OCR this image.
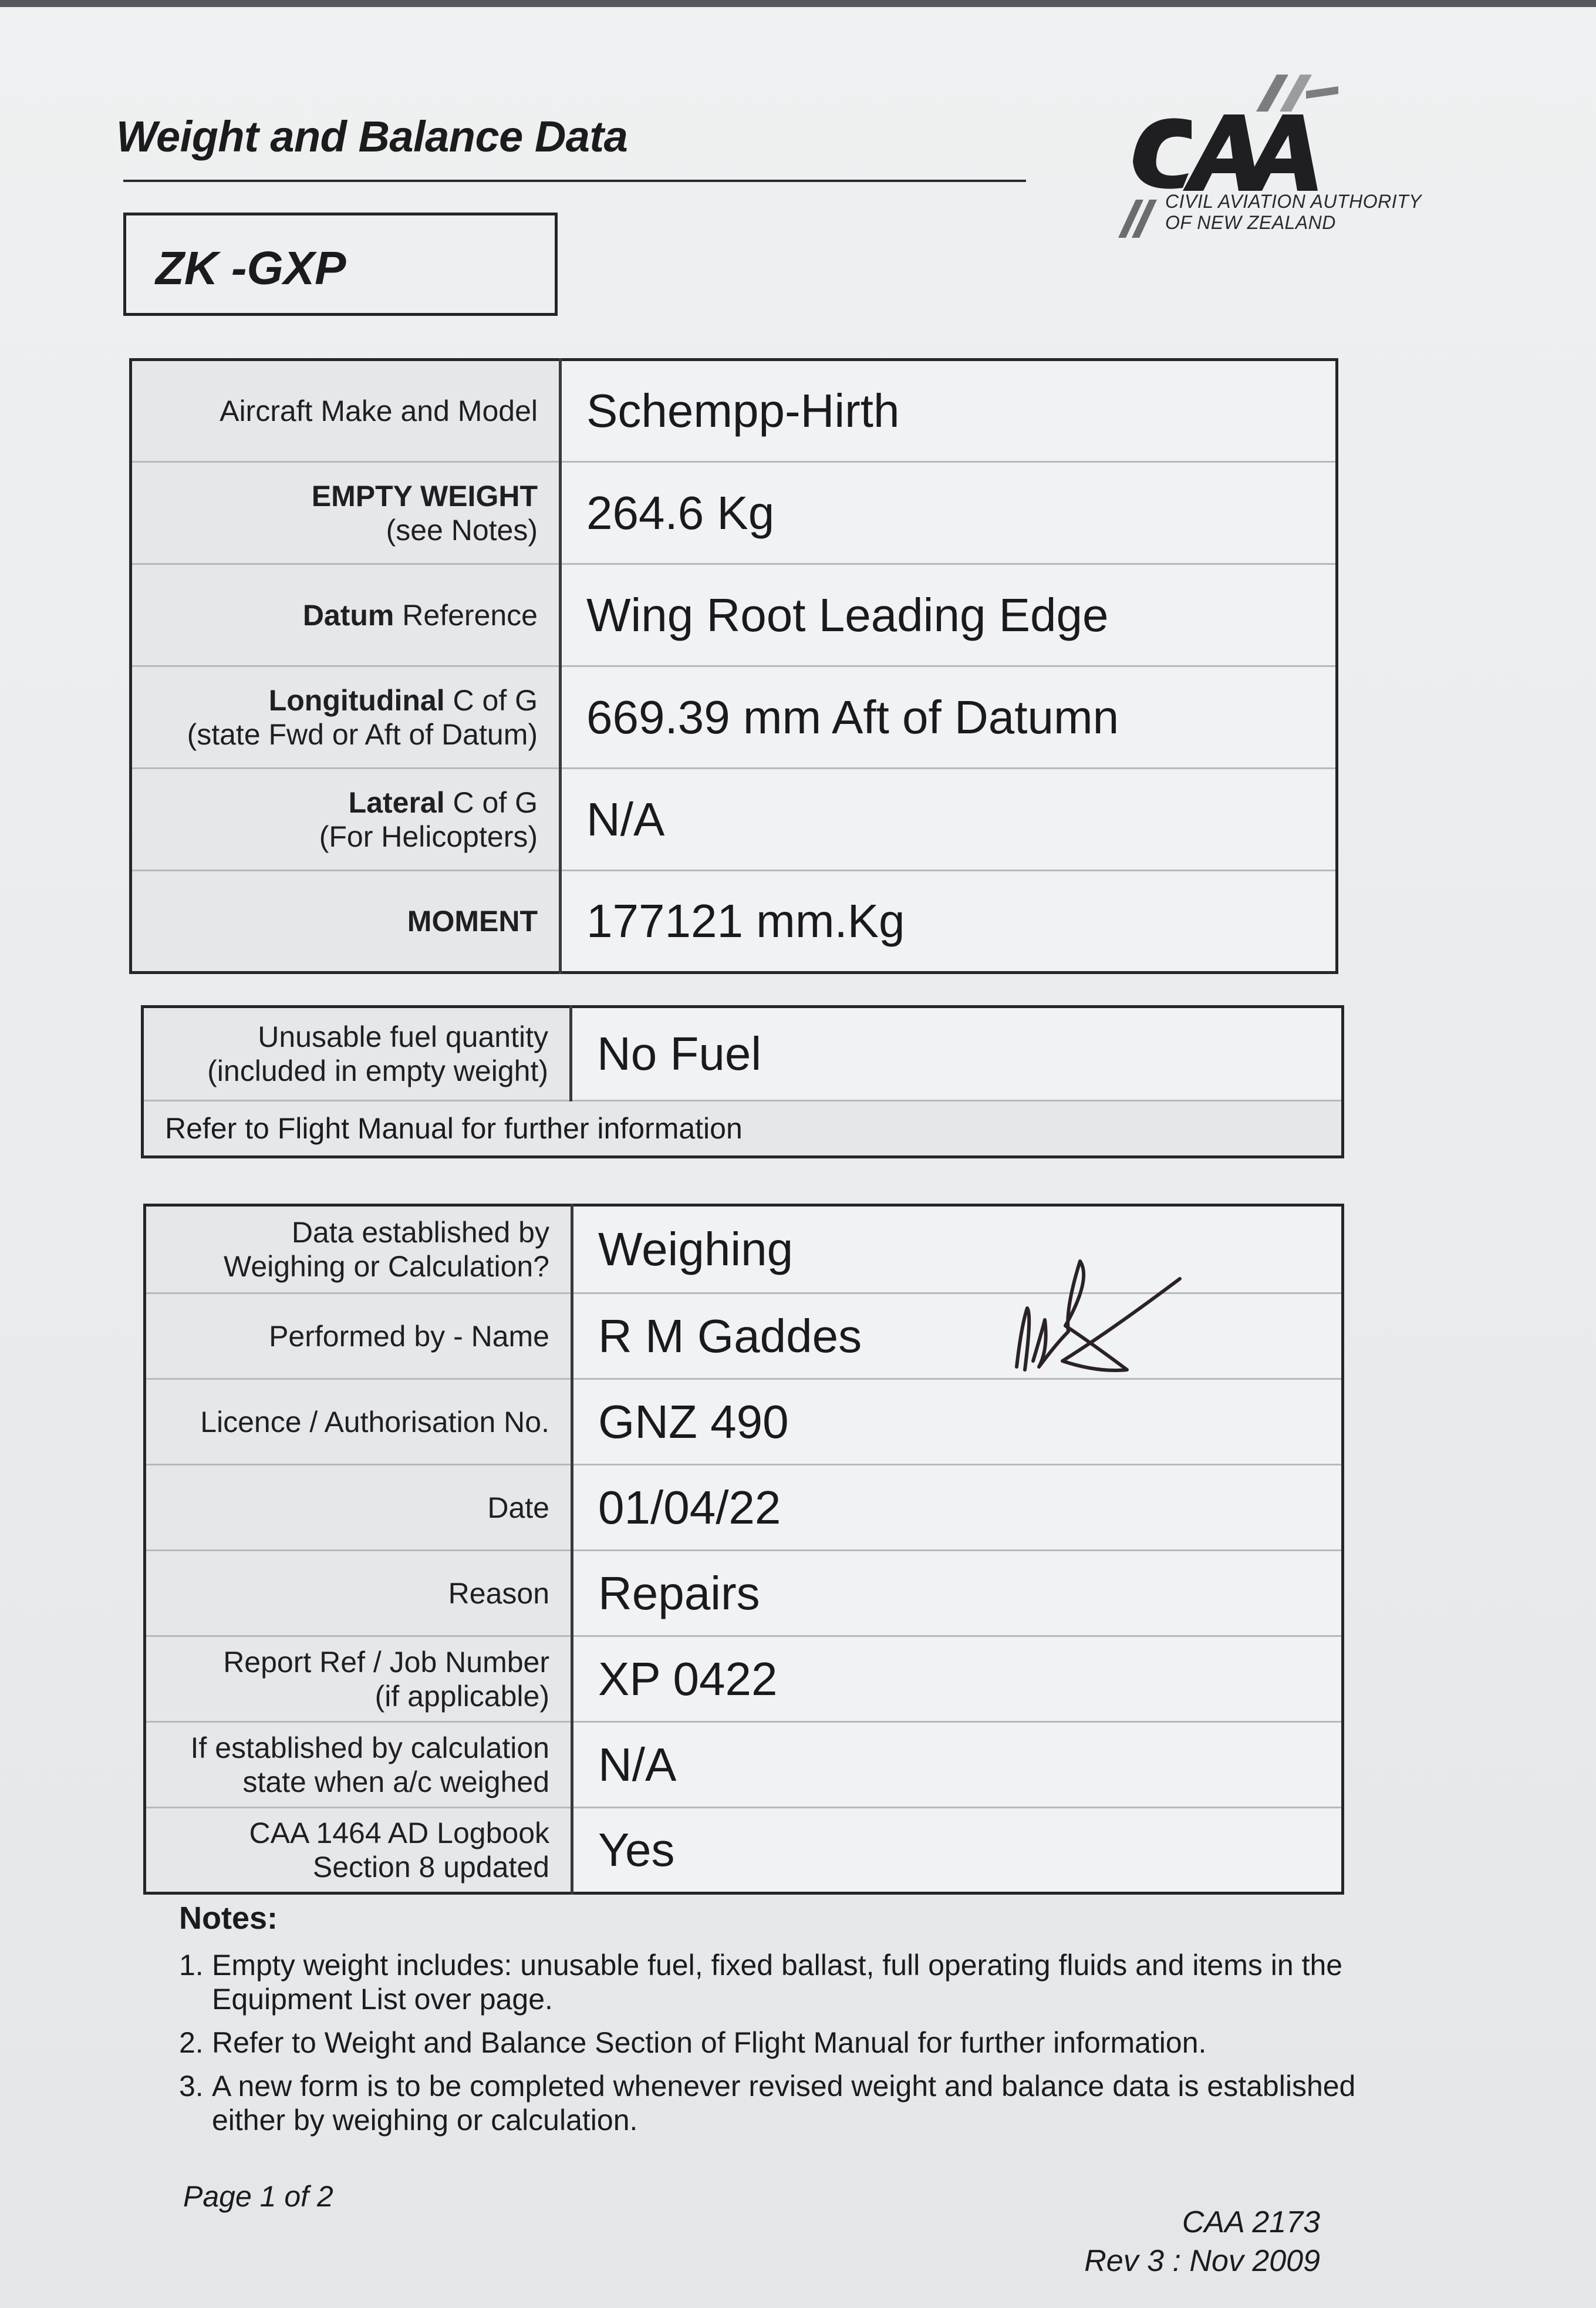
Weight and Balance Data
CIVIL AVIATION AUTHORITY
OF NEW ZEALAND
ZK -GXP
Aircraft Make and Model	Schempp-Hirth

EMPTY WEIGHT
(see Notes)	264.6 Kg
Datum Reference	Wing Root Leading Edge

Longitudinal C of G
(state Fwd or Aft of Datum)	669.39 mm Aft of Datumn

Lateral C of G
(For Helicopters)	N/A
MOMENT	177121 mm.Kg
Unusable fuel quantity
(included in empty weight)	No Fuel
Refer to Flight Manual for further information
Data established by
Weighing or Calculation?	Weighing

Performed by - Name	R M Gaddes

Licence / Authorisation No.	GNZ 490

Date	01/04/22

Reason	Repairs

Report Ref / Job Number
(if applicable)	XP 0422

If established by calculation
state when a/c weighed	N/A

CAA 1464 AD Logbook
Section 8 updated	Yes
Notes:
1. Empty weight includes: unusable fuel, fixed ballast, full operating fluids and items in the Equipment List over page.
2. Refer to Weight and Balance Section of Flight Manual for further information.
3. A new form is to be completed whenever revised weight and balance data is established either by weighing or calculation.
Page 1 of 2
CAA 2173
Rev 3 : Nov 2009
